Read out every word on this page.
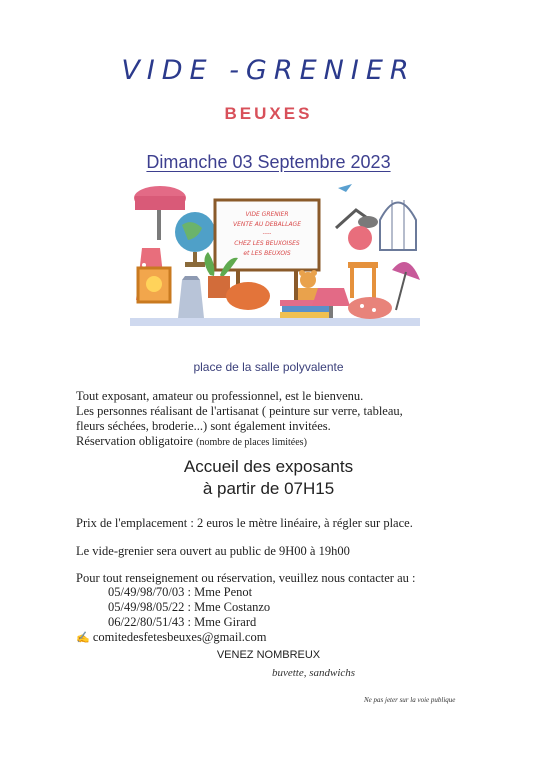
VIDE -GRENIER
BEUXES
Dimanche 03 Septembre 2023
VIDE GRENIER
VENTE AU DEBALLAGE
----
CHEZ LES BEUXOISES
et LES BEUXOIS
place de la salle polyvalente
Tout exposant, amateur ou professionnel, est le bienvenu.
Les personnes réalisant de l'artisanat ( peinture sur verre, tableau,
fleurs séchées, broderie...) sont également invitées.
Réservation obligatoire (nombre de places limitées)
Accueil des exposants
à partir de 07H15
Prix de l'emplacement : 2 euros le mètre linéaire, à régler sur place.
Le vide-grenier sera ouvert au public de 9H00 à 19h00
Pour tout renseignement ou réservation, veuillez nous contacter au :
05/49/98/70/03 : Mme Penot
05/49/98/05/22 : Mme Costanzo
06/22/80/51/43 : Mme Girard
✍ comitedesfetesbeuxes@gmail.com
VENEZ NOMBREUX
buvette, sandwichs
Ne pas jeter sur la voie publique
